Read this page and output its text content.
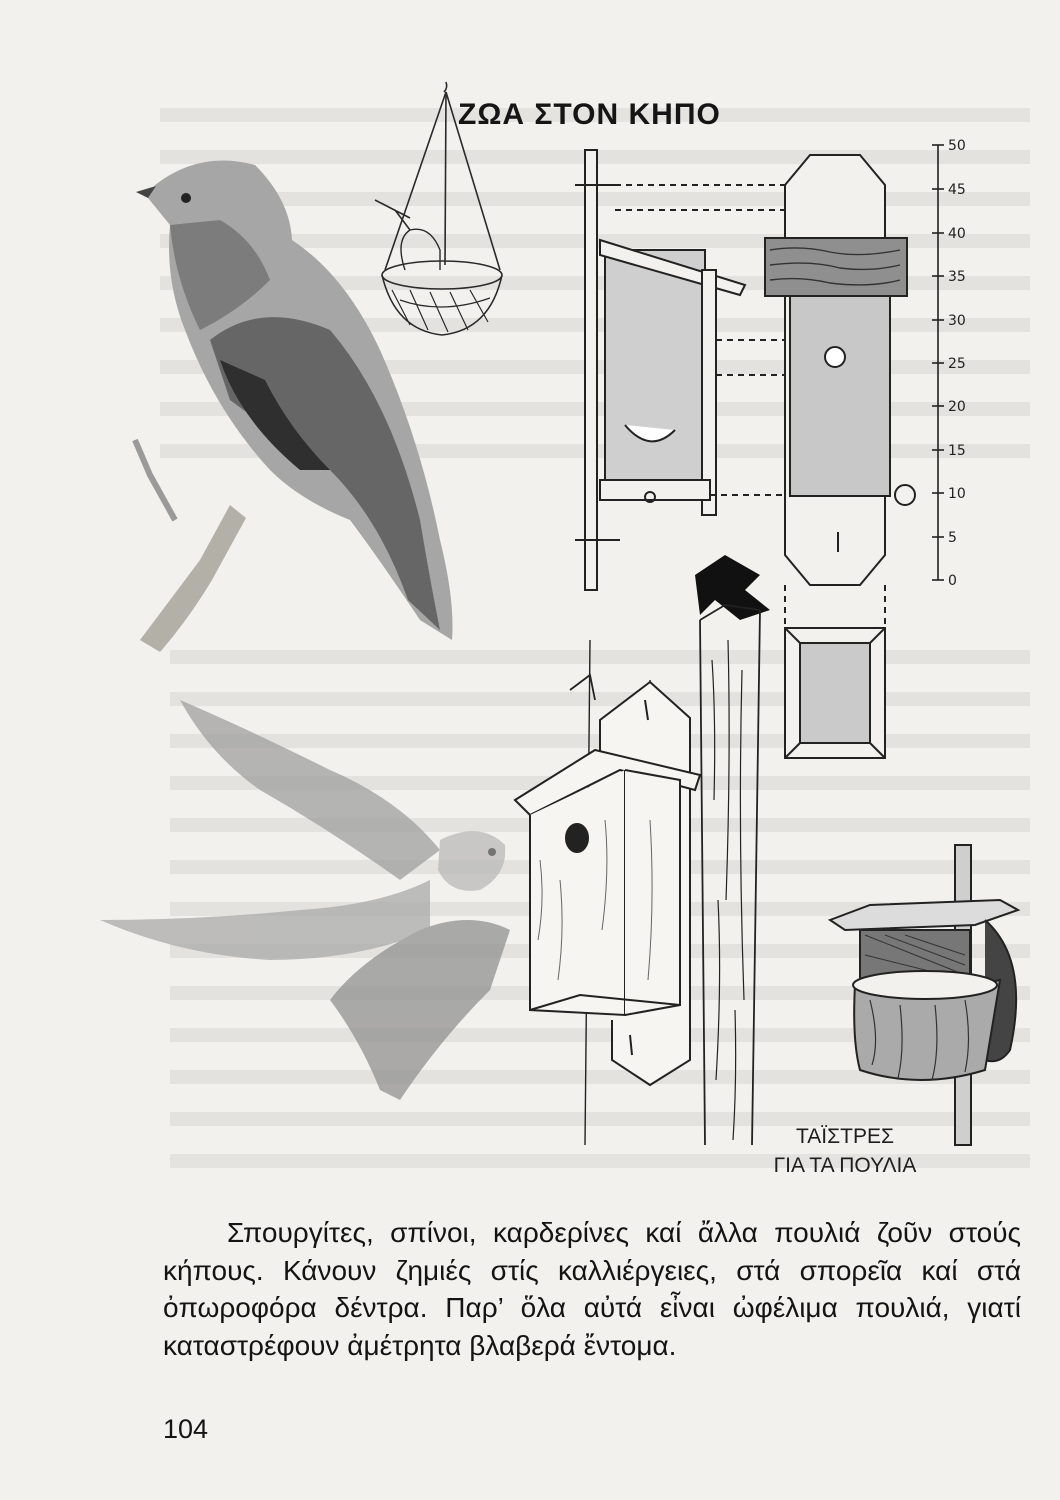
50
45
40
35
30
25
20
15
10
5
0
ΖΩΑ ΣΤΟΝ ΚΗΠΟ
ΤΑΪΣΤΡΕΣ
ΓΙΑ ΤΑ ΠΟΥΛΙΑ

Σπουργίτες, σπίνοι, καρδερίνες καί ἄλλα πουλιά ζοῦν στούς κήπους. Κάνουν ζημιές στίς καλλιέργειες, στά σπορεῖα καί στά ὀπωροφόρα δέντρα. Παρ’ ὅλα αὐτά εἶναι ὠφέλιμα πουλιά, γιατί καταστρέφουν ἀμέτρητα βλαβερά ἔντομα.

104
